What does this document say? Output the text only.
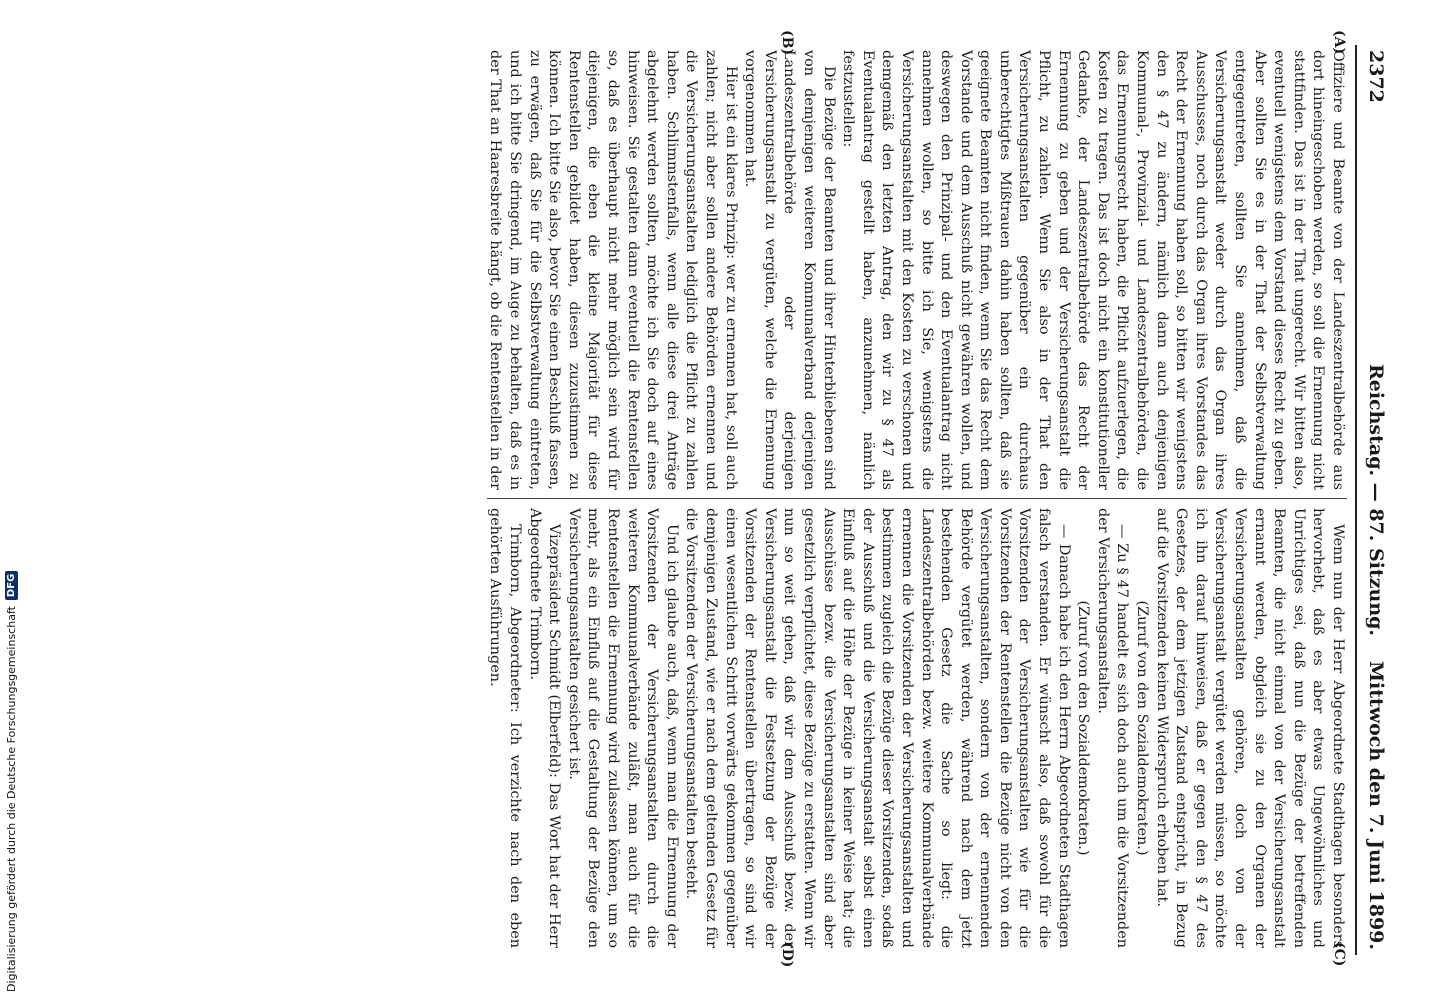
2372
Reichstag. — 87. Sitzung.
Mittwoch den 7. Juni 1899.
(A)
(B)
(C)
(D)

Offiziere und Beamte von der Landeszentralbehörde aus dort hineingeschoben werden, so soll die Ernennung nicht stattfinden. Das ist in der That ungerecht. Wir bitten also, eventuell wenigstens dem Vorstand dieses Recht zu geben. Aber sollten Sie es in der That der Selbstverwaltung entgegentreten, sollten Sie annehmen, daß die Versicherungsanstalt weder durch das Organ ihres Ausschusses, noch durch das Organ ihres Vorstandes das Recht der Ernennung haben soll, so bitten wir wenigstens den § 47 zu ändern, nämlich dann auch denjenigen Kommunal-, Provinzial- und Landeszentralbehörden, die das Ernennungsrecht haben, die Pflicht aufzuerlegen, die Kosten zu tragen. Das ist doch nicht ein konstitutioneller Gedanke, der Landeszentralbehörde das Recht der Ernennung zu geben und der Versicherungsanstalt die Pflicht, zu zahlen. Wenn Sie also in der That den Versicherungsanstalten gegenüber ein durchaus unberechtigtes Mißtrauen dahin haben sollten, daß sie geeignete Beamten nicht finden, wenn Sie das Recht dem Vorstande und dem Ausschuß nicht gewähren wollen, und deswegen den Prinzipal- und den Eventualantrag nicht annehmen wollen, so bitte ich Sie, wenigstens die Versicherungsanstalten mit den Kosten zu verschonen und demgemäß den letzten Antrag, den wir zu § 47 als Eventualantrag gestellt haben, anzunehmen, nämlich festzustellen:

Die Bezüge der Beamten und ihrer Hinterbliebenen sind von demjenigen weiteren Kommunalverband derjenigen Landeszentralbehörde oder derjenigen Versicherungsanstalt zu vergüten, welche die Ernennung vorgenommen hat.

Hier ist ein klares Prinzip: wer zu ernennen hat, soll auch zahlen; nicht aber sollen andere Behörden ernennen und die Versicherungsanstalten lediglich die Pflicht zu zahlen haben. Schlimmstenfalls, wenn alle diese drei Anträge abgelehnt werden sollten, möchte ich Sie doch auf eines hinweisen. Sie gestalten dann eventuell die Rentenstellen so, daß es überhaupt nicht mehr möglich sein wird für diejenigen, die eben die kleine Majorität für diese Rentenstellen gebildet haben, diesen zuzustimmen zu können. Ich bitte Sie also, bevor Sie einen Beschluß fassen, zu erwägen, daß Sie für die Selbstverwaltung eintreten, und ich bitte Sie dringend, im Auge zu behalten, daß es in der That an Haaresbreite hängt, ob die Rentenstellen in der

Wenn nun der Herr Abgeordnete Stadthagen besonders hervorhebt, daß es aber etwas Ungewöhnliches und Unrichtiges sei, daß nun die Bezüge der betreffenden Beamten, die nicht einmal von der Versicherungsanstalt ernannt werden, obgleich sie zu den Organen der Versicherungsanstalten gehören, doch von der Versicherungsanstalt vergütet werden müssen, so möchte ich ihn darauf hinweisen, daß er gegen den § 47 des Gesetzes, der dem jetzigen Zustand entspricht, in Bezug auf die Vorsitzenden keinen Widerspruch erhoben hat.

(Zuruf von den Sozialdemokraten.)

— Zu § 47 handelt es sich doch auch um die Vorsitzenden der Versicherungsanstalten.

(Zuruf von den Sozialdemokraten.)

— Danach habe ich den Herrn Abgeordneten Stadthagen falsch verstanden. Er wünscht also, daß sowohl für die Vorsitzenden der Versicherungsanstalten wie für die Vorsitzenden der Rentenstellen die Bezüge nicht von den Versicherungsanstalten, sondern von der ernennenden Behörde vergütet werden, während nach dem jetzt bestehenden Gesetz die Sache so liegt: die Landeszentralbehörden bezw. weitere Kommunalverbände ernennen die Vorsitzenden der Versicherungsanstalten und bestimmen zugleich die Bezüge dieser Vorsitzenden, sodaß der Ausschuß und die Versicherungsanstalt selbst einen Einfluß auf die Höhe der Bezüge in keiner Weise hat; die Ausschüsse bezw. die Versicherungsanstalten sind aber gesetzlich verpflichtet, diese Bezüge zu erstatten. Wenn wir nun so weit gehen, daß wir dem Ausschuß bezw. der Versicherungsanstalt die Festsetzung der Bezüge der Vorsitzenden der Rentenstellen übertragen, so sind wir einen wesentlichen Schritt vorwärts gekommen gegenüber demjenigen Zustand, wie er nach dem geltenden Gesetz für die Vorsitzenden der Versicherungsanstalten besteht.

Und ich glaube auch, daß, wenn man die Ernennung der Vorsitzenden der Versicherungsanstalten durch die weiteren Kommunalverbände zuläßt, man auch für die Rentenstellen die Ernennung wird zulassen können, um so mehr, als ein Einfluß auf die Gestaltung der Bezüge den Versicherungsanstalten gesichert ist.

Vizepräsident Schmidt (Elberfeld): Das Wort hat der Herr Abgeordnete Trimborn.

Trimborn, Abgeordneter: Ich verzichte nach den eben gehörten Ausführungen.

Digitalisierung gefördert durch die Deutsche Forschungsgemeinschaft
DFG
